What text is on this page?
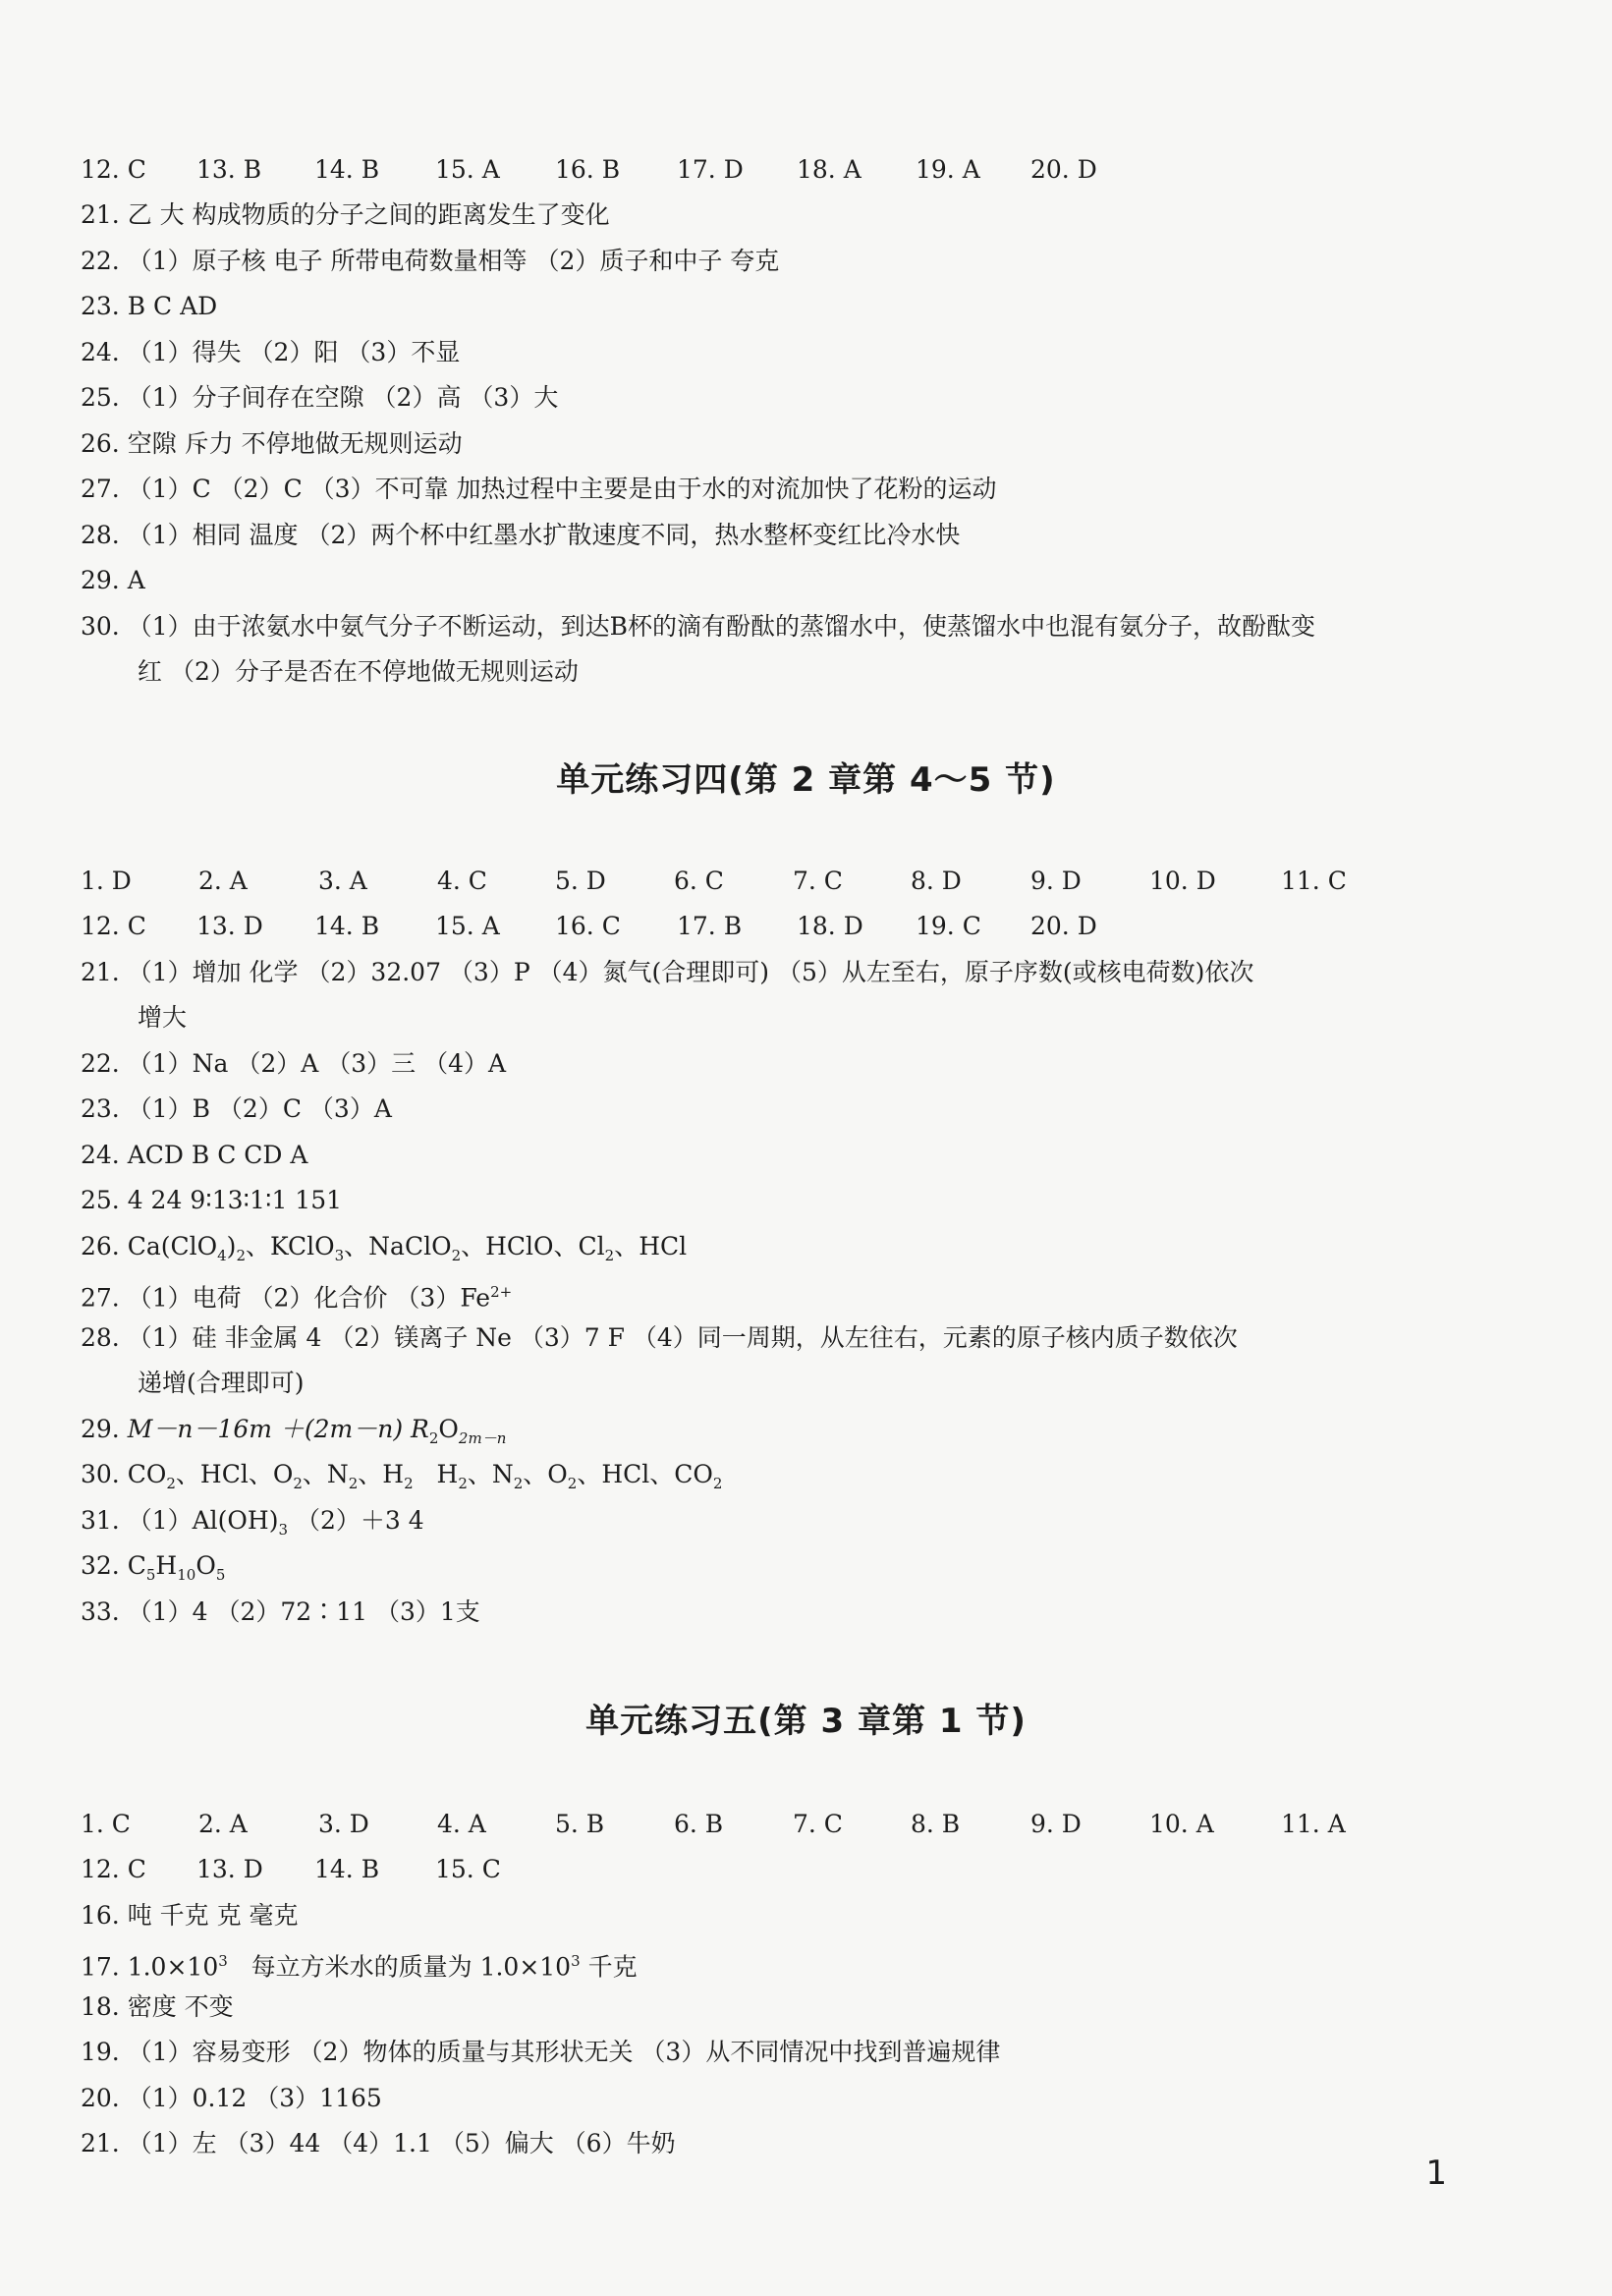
12. C 13. B 14. B 15. A 16. B 17. D 18. A 19. A 20. D
21. 乙 大 构成物质的分子之间的距离发生了变化
22. （1）原子核 电子 所带电荷数量相等 （2）质子和中子 夸克
23. B C AD
24. （1）得失 （2）阳 （3）不显
25. （1）分子间存在空隙 （2）高 （3）大
26. 空隙 斥力 不停地做无规则运动
27. （1）C （2）C （3）不可靠 加热过程中主要是由于水的对流加快了花粉的运动
28. （1）相同 温度 （2）两个杯中红墨水扩散速度不同，热水整杯变红比冷水快
29. A
30. （1）由于浓氨水中氨气分子不断运动，到达B杯的滴有酚酞的蒸馏水中，使蒸馏水中也混有氨分子，故酚酞变
红 （2）分子是否在不停地做无规则运动
单元练习四(第 2 章第 4～5 节)
1. D	2. A	3. A	4. C	5. D	6. C	7. C	8. D	9. D	10. D	11. C
12. C 13. D 14. B 15. A 16. C 17. B 18. D 19. C 20. D
21. （1）增加 化学 （2）32.07 （3）P （4）氮气(合理即可) （5）从左至右，原子序数(或核电荷数)依次
增大
22. （1）Na （2）A （3）三 （4）A
23. （1）B （2）C （3）A
24. ACD B C CD A
25. 4 24 9∶13∶1∶1 151
26. $Ca(ClO_4)_2$、KClO$_3$、NaClO$_2$、HClO、$Cl_2$、HCl
27. （1）电荷 （2）化合价 $(3)Fe^{2+}$
28. （1）硅 非金属 4 （2）镁离子 Ne （3）7 F （4）同一周期，从左往右，元素的原子核内质子数依次
递增(合理即可)
29. M－n－16m ＋(2m－n) $R_2O_{2m-n}$
30. $CO_2$、HCl、$O_2$、$N_2$、$H_2$ $H_2$、$N_2$、$O_2$、HCl、$CO_2$
31. $(1)Al(OH)_3$ （2）＋3 4
32. $C_5H_{10}O_5$
33. （1）4 （2）72∶11 （3）1支
单元练习五(第 3 章第 1 节)
1. C	2. A	3. D	4. A	5. B	6. B	7. C	8. B	9. D	10. A	11. A
12. C 13. D 14. B 15. C
16. 吨 千克 克 毫克
17. $1.0\times 10^3$ 每立方米水的质量为 $1.0\times 10^3$ 千克
18. 密度 不变
19. （1）容易变形 （2）物体的质量与其形状无关 （3）从不同情况中找到普遍规律
20. （1）0.12 （3）1165
21. （1）左 （3）44 （4）1.1 （5）偏大 （6）牛奶
1
